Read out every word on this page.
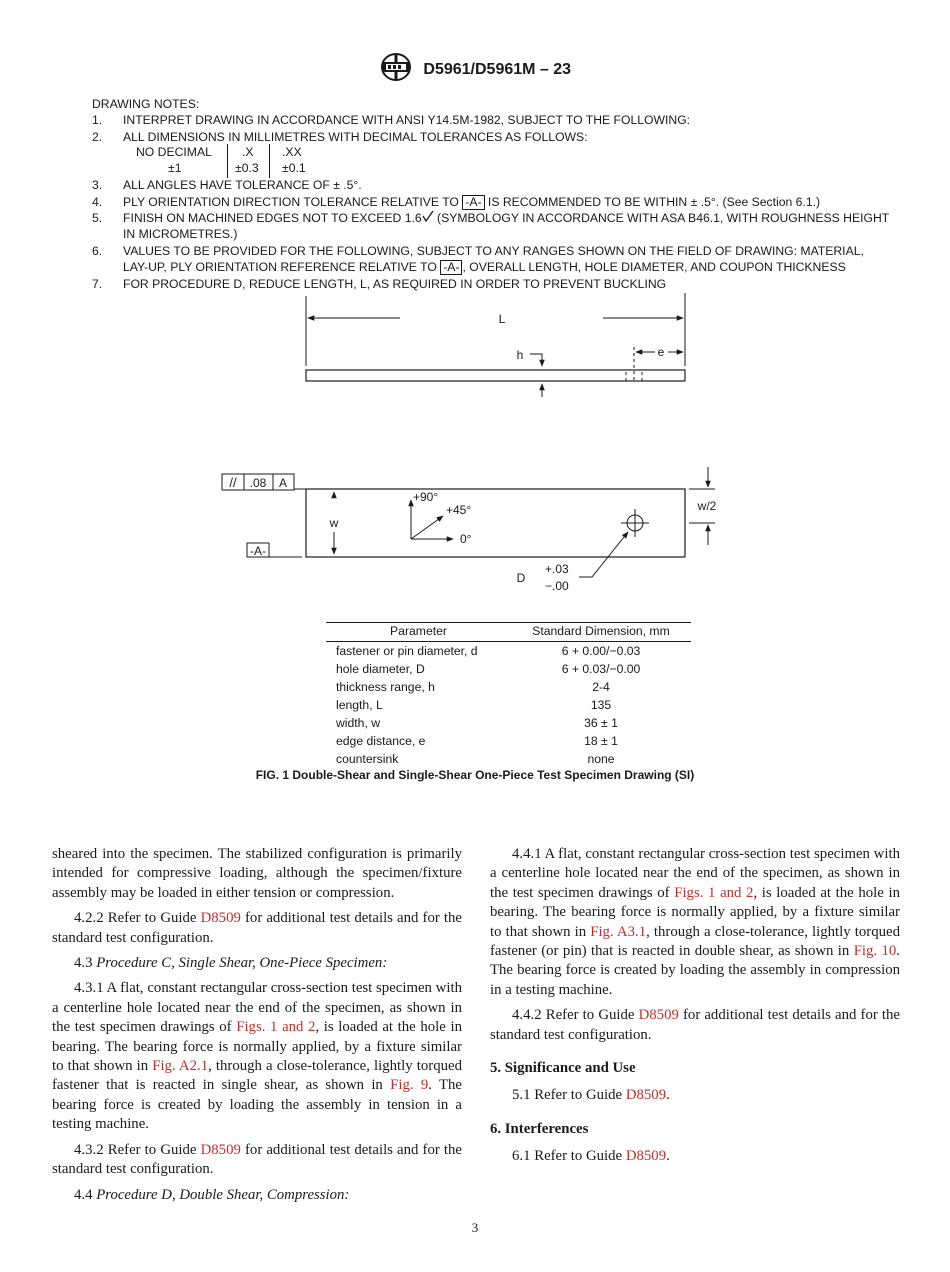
D5961/D5961M – 23
DRAWING NOTES:
1. INTERPRET DRAWING IN ACCORDANCE WITH ANSI Y14.5M-1982, SUBJECT TO THE FOLLOWING:
2. ALL DIMENSIONS IN MILLIMETRES WITH DECIMAL TOLERANCES AS FOLLOWS:
NO DECIMAL .X .XX
±1	±0.3 ±0.1
3. ALL ANGLES HAVE TOLERANCE OF ± .5°.
4. PLY ORIENTATION DIRECTION TOLERANCE RELATIVE TO -A- IS RECOMMENDED TO BE WITHIN ± .5°. (See Section 6.1.)
5. FINISH ON MACHINED EDGES NOT TO EXCEED 1.6 (SYMBOLOGY IN ACCORDANCE WITH ASA B46.1, WITH ROUGHNESS HEIGHT IN MICROMETRES.)
6. VALUES TO BE PROVIDED FOR THE FOLLOWING, SUBJECT TO ANY RANGES SHOWN ON THE FIELD OF DRAWING: MATERIAL, LAY-UP, PLY ORIENTATION REFERENCE RELATIVE TO -A- , OVERALL LENGTH, HOLE DIAMETER, AND COUPON THICKNESS
7. FOR PROCEDURE D, REDUCE LENGTH, L, AS REQUIRED IN ORDER TO PREVENT BUCKLING
L
h	e
// .08 A
-A-
w
w/2
+90°
+45°
0°
D
+.03
−.00
Parameter	Standard Dimension, mm
fastener or pin diameter, d	6 + 0.00/−0.03
hole diameter, D	6 + 0.03/−0.00
thickness range, h	2-4
length, L	135
width, w	36 ± 1
edge distance, e	18 ± 1
countersink	none
FIG. 1 Double-Shear and Single-Shear One-Piece Test Specimen Drawing (SI)

sheared into the specimen. The stabilized configuration is primarily intended for compressive loading, although the specimen/fixture assembly may be loaded in either tension or compression.

4.2.2 Refer to Guide D8509 for additional test details and for the standard test configuration.

4.3 Procedure C, Single Shear, One-Piece Specimen:

4.3.1 A flat, constant rectangular cross-section test specimen with a centerline hole located near the end of the specimen, as shown in the test specimen drawings of Figs. 1 and 2, is loaded at the hole in bearing. The bearing force is normally applied, by a fixture similar to that shown in Fig. A2.1, through a close-tolerance, lightly torqued fastener that is reacted in single shear, as shown in Fig. 9. The bearing force is created by loading the assembly in tension in a testing machine.

4.3.2 Refer to Guide D8509 for additional test details and for the standard test configuration.

4.4 Procedure D, Double Shear, Compression:

4.4.1 A flat, constant rectangular cross-section test specimen with a centerline hole located near the end of the specimen, as shown in the test specimen drawings of Figs. 1 and 2, is loaded at the hole in bearing. The bearing force is normally applied, by a fixture similar to that shown in Fig. A3.1, through a close-tolerance, lightly torqued fastener (or pin) that is reacted in double shear, as shown in Fig. 10. The bearing force is created by loading the assembly in compression in a testing machine.

4.4.2 Refer to Guide D8509 for additional test details and for the standard test configuration.

5. Significance and Use

5.1 Refer to Guide D8509.

6. Interferences

6.1 Refer to Guide D8509.

3
